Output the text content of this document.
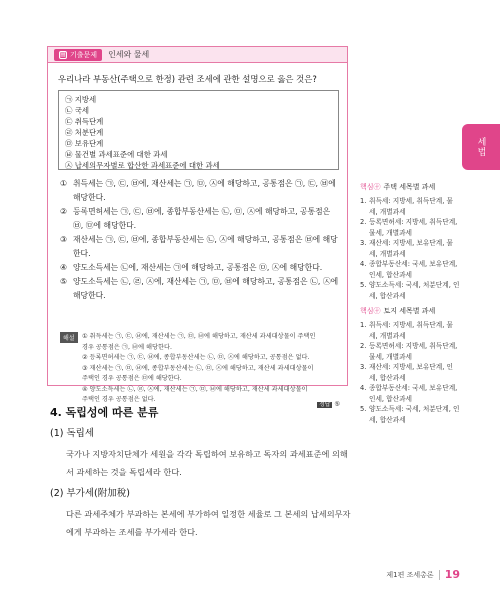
세법
▤ 기출문제 인세와 물세
우리나라 부동산(주택으로 한정) 관련 조세에 관한 설명으로 옳은 것은?
㉠ 지방세
㉡ 국세
㉢ 취득단계
㉣ 처분단계
㉤ 보유단계
㉥ 물건별 과세표준에 대한 과세
㉦ 납세의무자별로 합산한 과세표준에 대한 과세
① 취득세는 ㉠, ㉢, ㉥에, 재산세는 ㉠, ㉤, ㉦에 해당하고, 공통점은 ㉠, ㉢, ㉥에 해당한다.
② 등록면허세는 ㉠, ㉢, ㉥에, 종합부동산세는 ㉡, ㉤, ㉦에 해당하고, 공통점은 ㉥, ㉤에 해당한다.
③ 재산세는 ㉠, ㉢, ㉥에, 종합부동산세는 ㉡, ㉦에 해당하고, 공통점은 ㉥에 해당한다.
④ 양도소득세는 ㉡에, 재산세는 ㉠에 해당하고, 공통점은 ㉤, ㉦에 해당한다.
⑤ 양도소득세는 ㉡, ㉣, ㉦에, 재산세는 ㉠, ㉤, ㉥에 해당하고, 공통점은 ㉡, ㉦에 해당한다.
해설	① 취득세는 ㉠, ㉢, ㉥에, 재산세는 ㉠, ㉤, ㉥에 해당하고, 재산세 과세대상물이 주택인
경우 공통점은 ㉠, ㉥에 해당한다.
② 등록면허세는 ㉠, ㉢, ㉥에, 종합부동산세는 ㉡, ㉤, ㉦에 해당하고, 공통점은 없다.
③ 재산세는 ㉠, ㉤, ㉥에, 종합부동산세는 ㉡, ㉤, ㉦에 해당하고, 재산세 과세대상물이
주택인 경우 공통점은 ㉤에 해당한다.
④ 양도소득세는 ㉡, ㉣, ㉦에, 재산세는 ㉠, ㉤, ㉥에 해당하고, 재산세 과세대상물이
주택인 경우 공통점은 없다.
정답 ⑤
4. 독립성에 따른 분류
(1) 독립세
국가나 지방자치단체가 세원을 각각 독립하여 보유하고 독자의 과세표준에 의해서 과세하는 것을 독립세라 한다.
(2) 부가세(附加稅)
다른 과세주체가 부과하는 본세에 부가하여 일정한 세율로 그 본세의 납세의무자에게 부과하는 조세를 부가세라 한다.
핵심㊉ 주택 세목별 과세
1. 취득세: 지방세, 취득단계, 물세, 개별과세
2. 등록면허세: 지방세, 취득단계, 물세, 개별과세
3. 재산세: 지방세, 보유단계, 물세, 개별과세
4. 종합부동산세: 국세, 보유단계, 인세, 합산과세
5. 양도소득세: 국세, 처분단계, 인세, 합산과세
핵심㊉ 토지 세목별 과세
1. 취득세: 지방세, 취득단계, 물세, 개별과세
2. 등록면허세: 지방세, 취득단계, 물세, 개별과세
3. 재산세: 지방세, 보유단계, 인세, 합산과세
4. 종합부동산세: 국세, 보유단계, 인세, 합산과세
5. 양도소득세: 국세, 처분단계, 인세, 합산과세
제1편 조세총론 19
